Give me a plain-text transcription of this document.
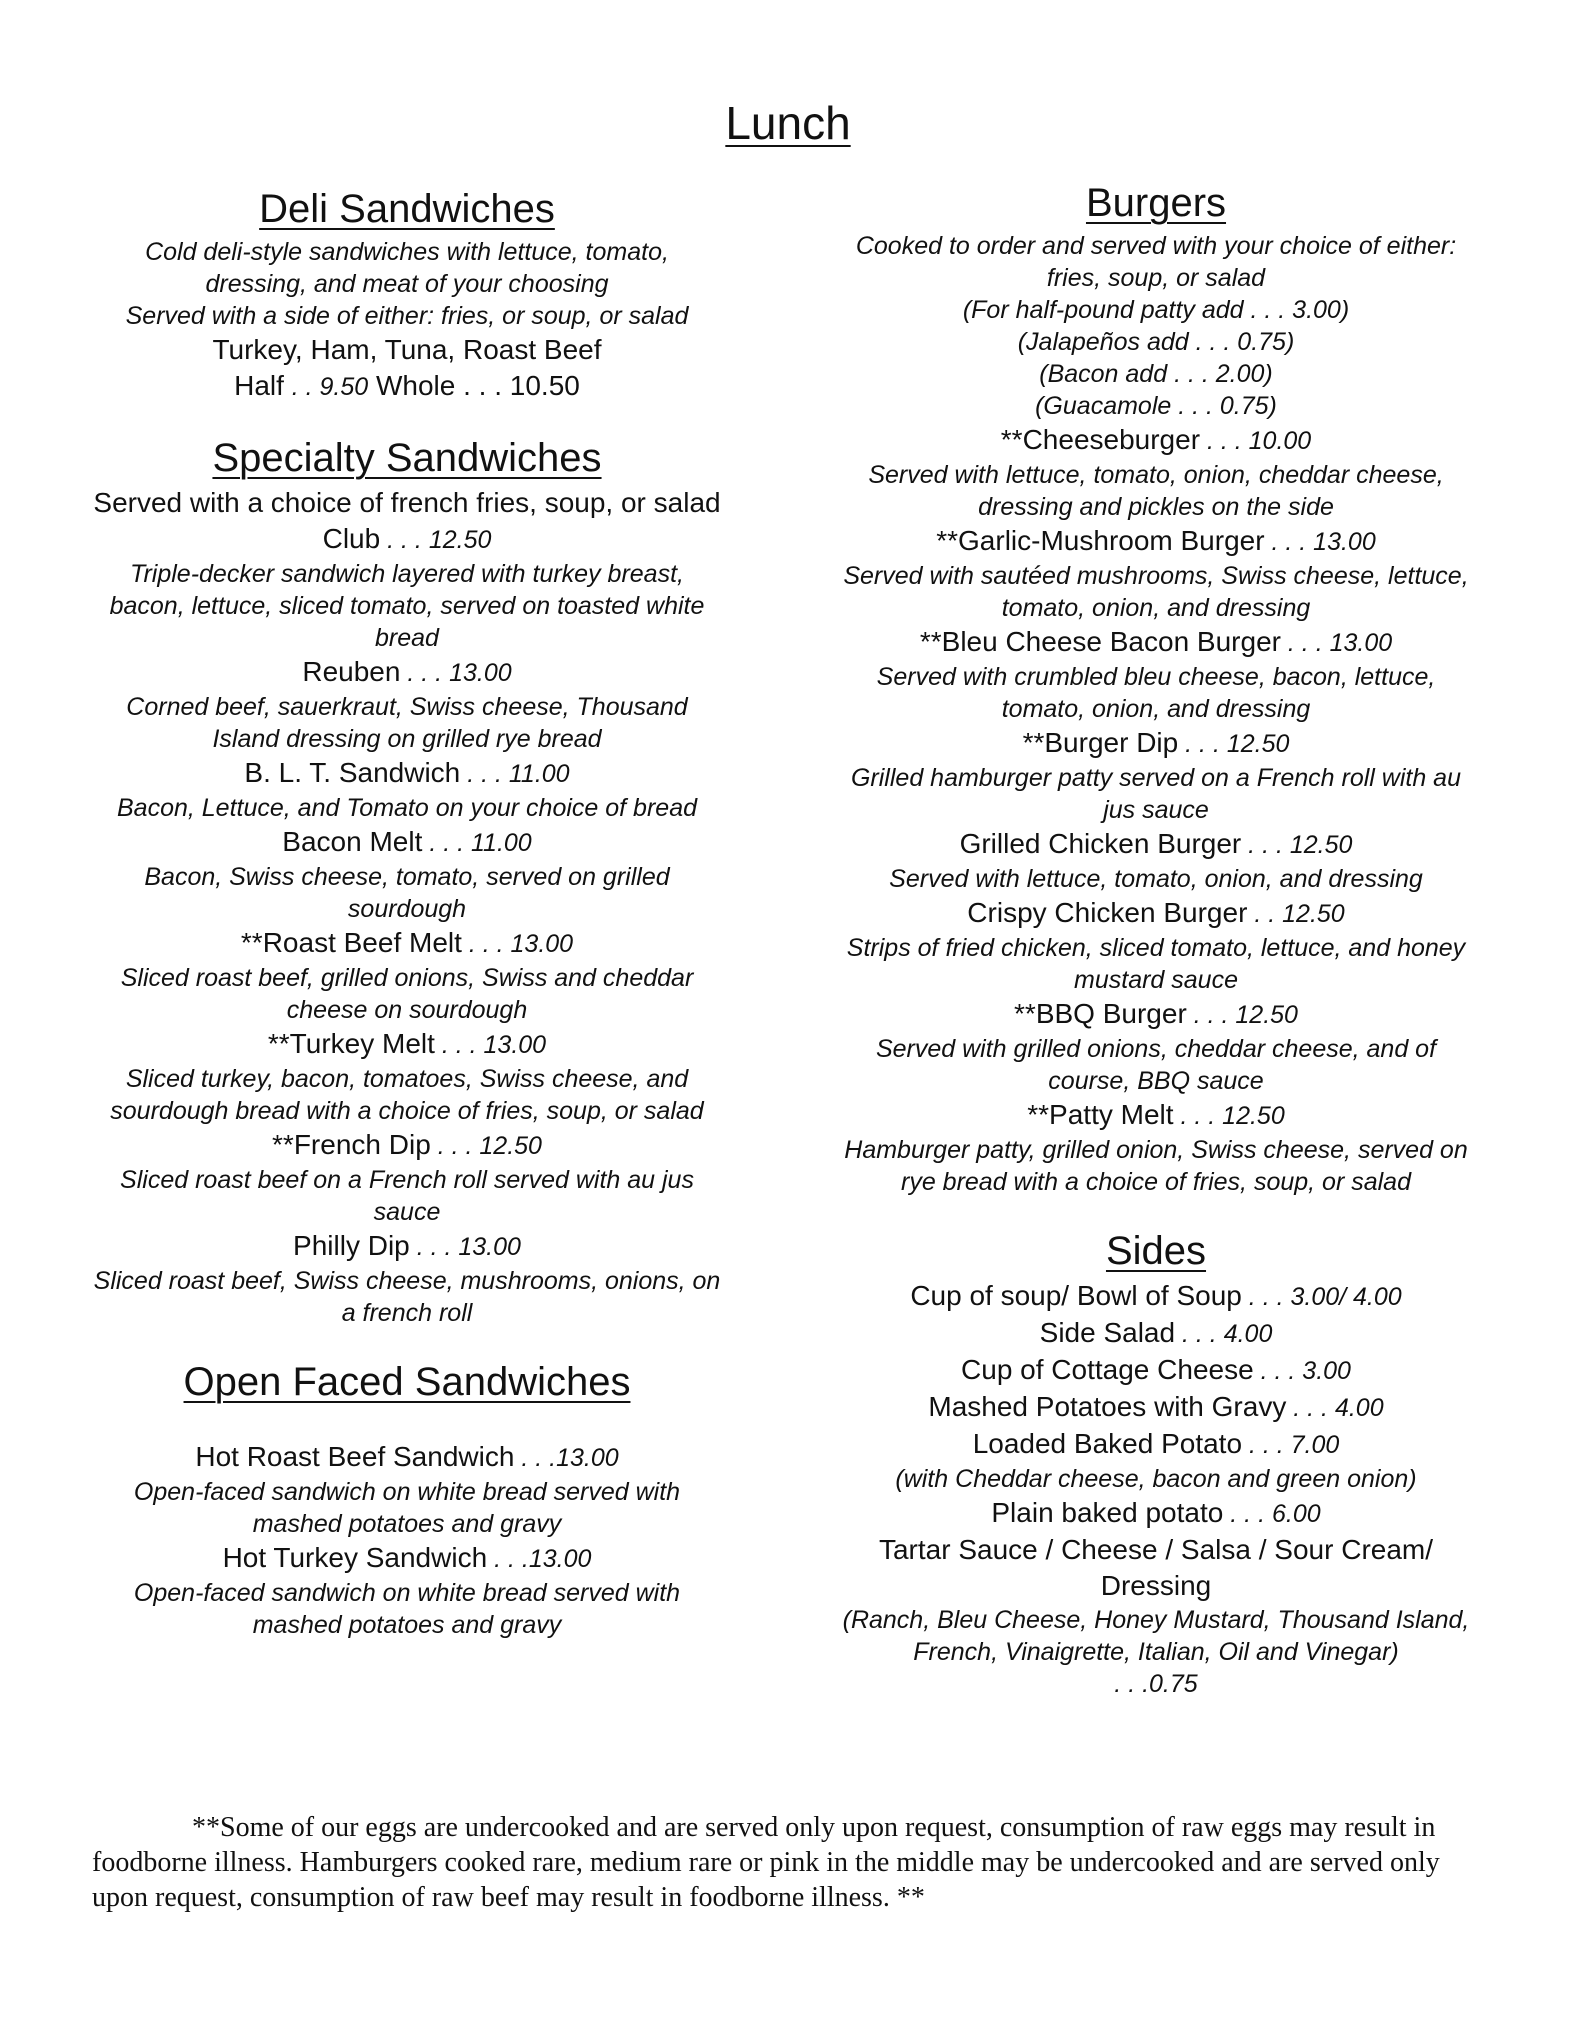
Lunch
Deli Sandwiches
Cold deli-style sandwiches with lettuce, tomato,
dressing, and meat of your choosing
Served with a side of either: fries, or soup, or salad
Turkey, Ham, Tuna, Roast Beef
Half . . 9.50 Whole . . . 10.50
Specialty Sandwiches
Served with a choice of french fries, soup, or salad
Club . . . 12.50
Triple-decker sandwich layered with turkey breast, bacon, lettuce, sliced tomato, served on toasted white bread
Reuben . . . 13.00
Corned beef, sauerkraut, Swiss cheese, Thousand Island dressing on grilled rye bread
B. L. T. Sandwich . . . 11.00
Bacon, Lettuce, and Tomato on your choice of bread
Bacon Melt . . . 11.00
Bacon, Swiss cheese, tomato, served on grilled sourdough
**Roast Beef Melt . . . 13.00
Sliced roast beef, grilled onions, Swiss and cheddar cheese on sourdough
**Turkey Melt . . . 13.00
Sliced turkey, bacon, tomatoes, Swiss cheese, and sourdough bread with a choice of fries, soup, or salad
**French Dip . . . 12.50
Sliced roast beef on a French roll served with au jus sauce
Philly Dip . . . 13.00
Sliced roast beef, Swiss cheese, mushrooms, onions, on a french roll
Open Faced Sandwiches
Hot Roast Beef Sandwich . . .13.00
Open-faced sandwich on white bread served with mashed potatoes and gravy
Hot Turkey Sandwich . . .13.00
Open-faced sandwich on white bread served with mashed potatoes and gravy
Burgers
Cooked to order and served with your choice of either: fries, soup, or salad
(For half-pound patty add . . . 3.00)
(Jalapeños add . . . 0.75)
(Bacon add . . . 2.00)
(Guacamole . . . 0.75)
**Cheeseburger . . . 10.00
Served with lettuce, tomato, onion, cheddar cheese, dressing and pickles on the side
**Garlic-Mushroom Burger . . . 13.00
Served with sautéed mushrooms, Swiss cheese, lettuce, tomato, onion, and dressing
**Bleu Cheese Bacon Burger . . . 13.00
Served with crumbled bleu cheese, bacon, lettuce, tomato, onion, and dressing
**Burger Dip . . . 12.50
Grilled hamburger patty served on a French roll with au jus sauce
Grilled Chicken Burger . . . 12.50
Served with lettuce, tomato, onion, and dressing
Crispy Chicken Burger . . 12.50
Strips of fried chicken, sliced tomato, lettuce, and honey mustard sauce
**BBQ Burger . . . 12.50
Served with grilled onions, cheddar cheese, and of course, BBQ sauce
**Patty Melt . . . 12.50
Hamburger patty, grilled onion, Swiss cheese, served on rye bread with a choice of fries, soup, or salad
Sides
Cup of soup/ Bowl of Soup . . . 3.00/ 4.00
Side Salad . . . 4.00
Cup of Cottage Cheese . . . 3.00
Mashed Potatoes with Gravy . . . 4.00
Loaded Baked Potato . . . 7.00
(with Cheddar cheese, bacon and green onion)
Plain baked potato . . . 6.00
Tartar Sauce / Cheese / Salsa / Sour Cream/ Dressing
(Ranch, Bleu Cheese, Honey Mustard, Thousand Island, French, Vinaigrette, Italian, Oil and Vinegar)
. . .0.75
**Some of our eggs are undercooked and are served only upon request, consumption of raw eggs may result in foodborne illness. Hamburgers cooked rare, medium rare or pink in the middle may be undercooked and are served only upon request, consumption of raw beef may result in foodborne illness. **
